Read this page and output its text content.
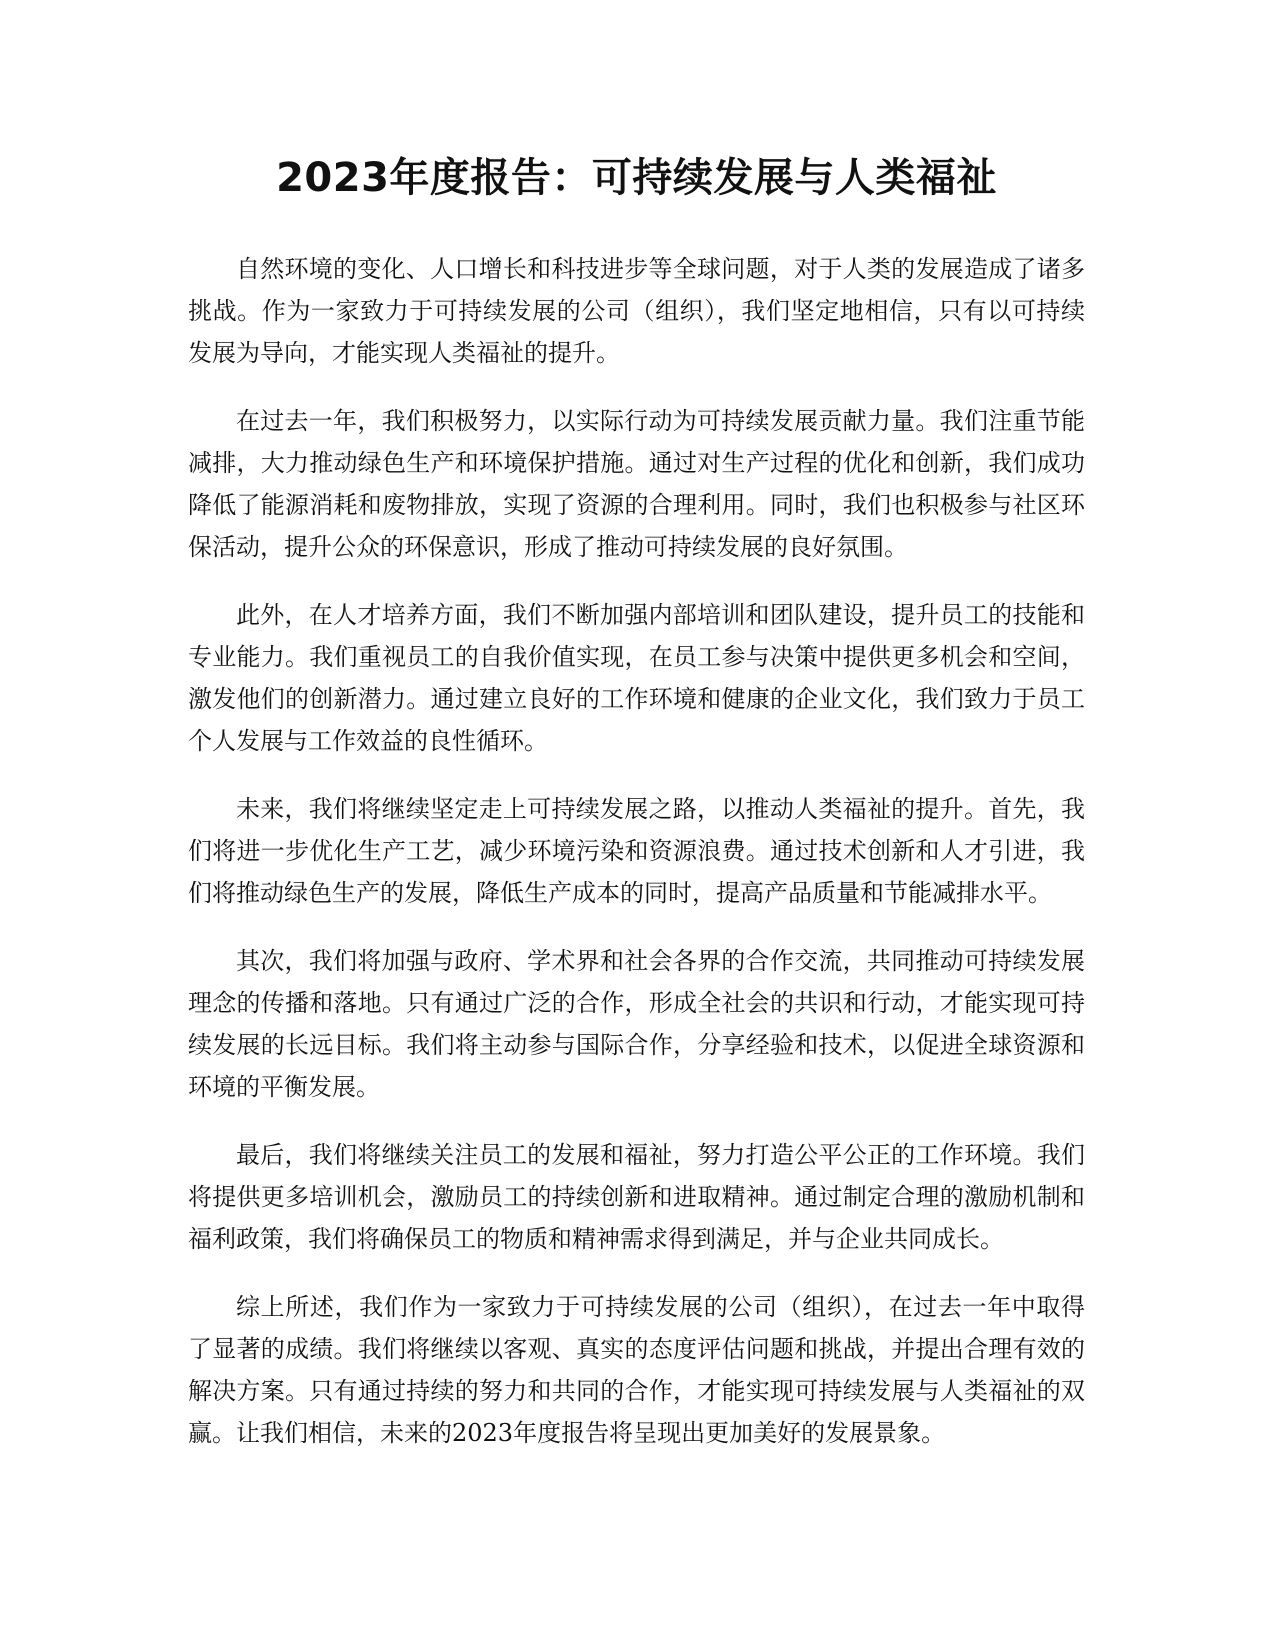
2023年度报告：可持续发展与人类福祉

自然环境的变化、人口增长和科技进步等全球问题，对于人类的发展造成了诸多挑战。作为一家致力于可持续发展的公司（组织），我们坚定地相信，只有以可持续发展为导向，才能实现人类福祉的提升。

在过去一年，我们积极努力，以实际行动为可持续发展贡献力量。我们注重节能减排，大力推动绿色生产和环境保护措施。通过对生产过程的优化和创新，我们成功降低了能源消耗和废物排放，实现了资源的合理利用。同时，我们也积极参与社区环保活动，提升公众的环保意识，形成了推动可持续发展的良好氛围。

此外，在人才培养方面，我们不断加强内部培训和团队建设，提升员工的技能和专业能力。我们重视员工的自我价值实现，在员工参与决策中提供更多机会和空间，激发他们的创新潜力。通过建立良好的工作环境和健康的企业文化，我们致力于员工个人发展与工作效益的良性循环。

未来，我们将继续坚定走上可持续发展之路，以推动人类福祉的提升。首先，我们将进一步优化生产工艺，减少环境污染和资源浪费。通过技术创新和人才引进，我们将推动绿色生产的发展，降低生产成本的同时，提高产品质量和节能减排水平。

其次，我们将加强与政府、学术界和社会各界的合作交流，共同推动可持续发展理念的传播和落地。只有通过广泛的合作，形成全社会的共识和行动，才能实现可持续发展的长远目标。我们将主动参与国际合作，分享经验和技术，以促进全球资源和环境的平衡发展。

最后，我们将继续关注员工的发展和福祉，努力打造公平公正的工作环境。我们将提供更多培训机会，激励员工的持续创新和进取精神。通过制定合理的激励机制和福利政策，我们将确保员工的物质和精神需求得到满足，并与企业共同成长。

综上所述，我们作为一家致力于可持续发展的公司（组织），在过去一年中取得了显著的成绩。我们将继续以客观、真实的态度评估问题和挑战，并提出合理有效的解决方案。只有通过持续的努力和共同的合作，才能实现可持续发展与人类福祉的双赢。让我们相信，未来的2023年度报告将呈现出更加美好的发展景象。
